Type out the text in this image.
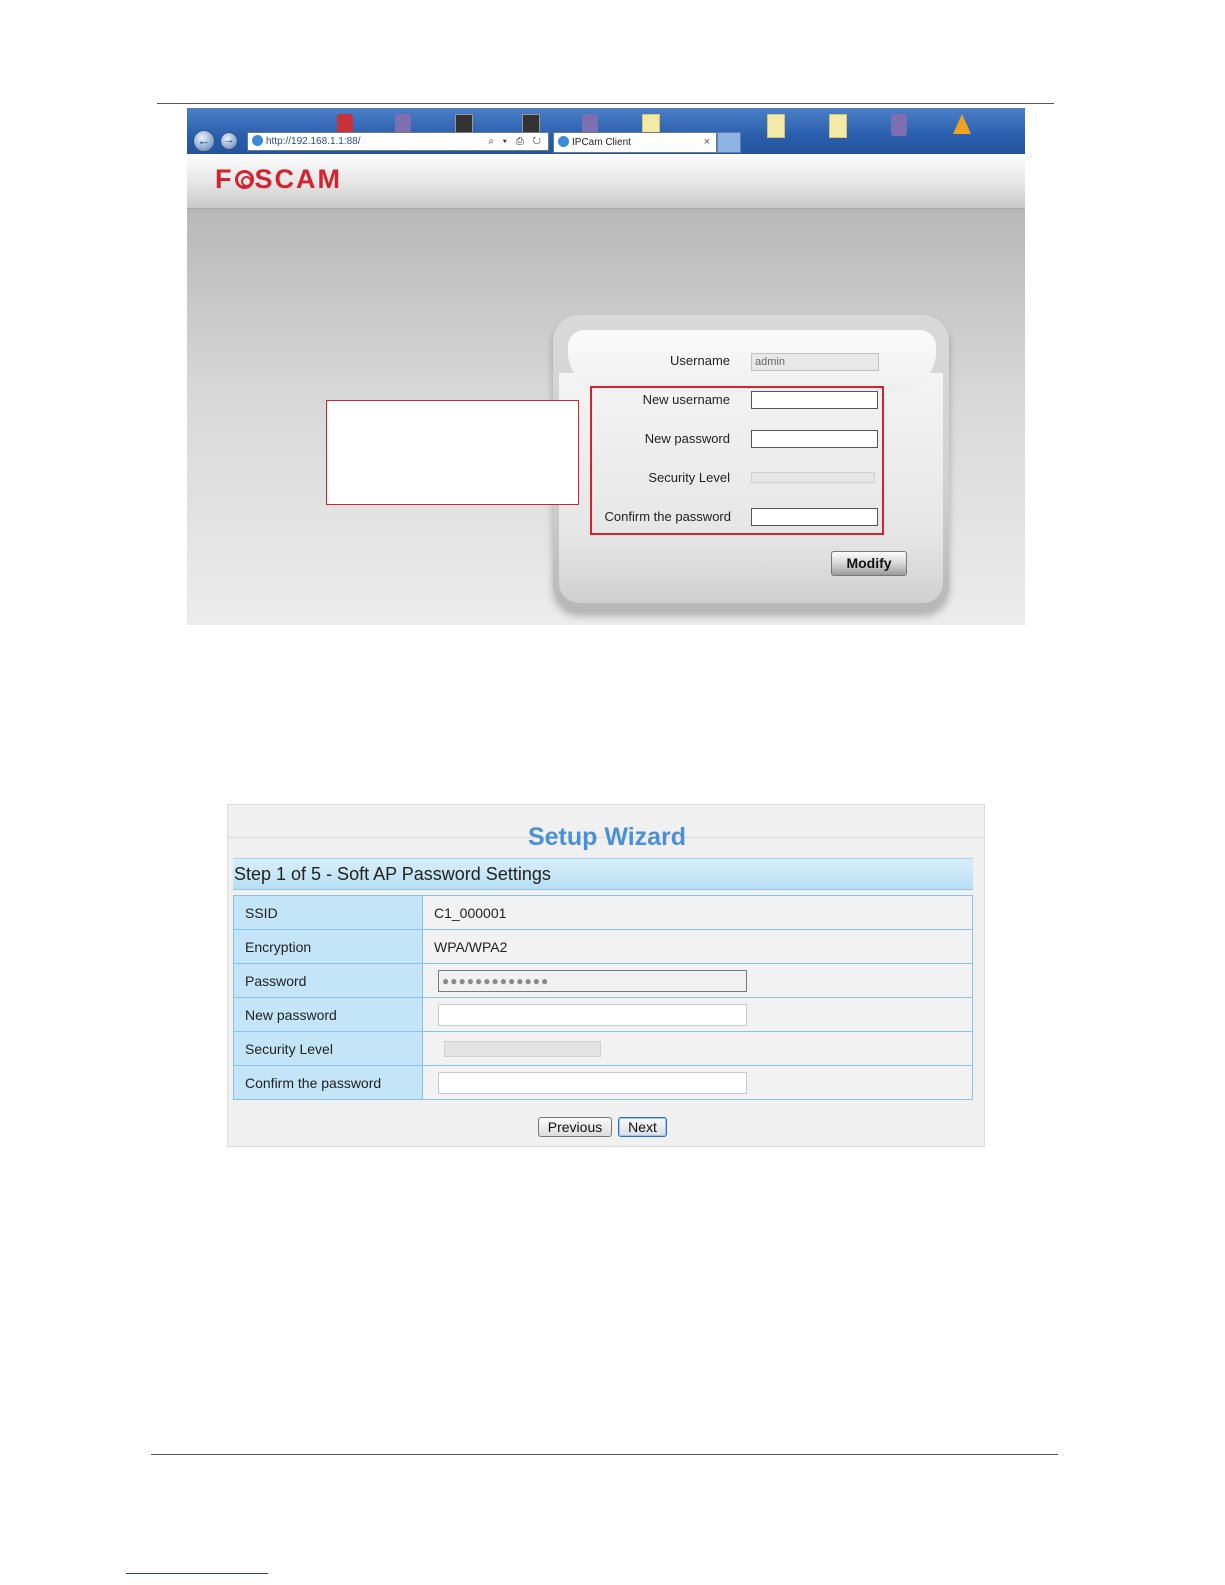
←	→	http://192.168.1.1:88/	⌕ ▾ ⎙ ↻	IPCam Client	×
F SCAM
Username	admin
New username
New password
Security Level
Confirm the password
Modify
Setup Wizard
Step 1 of 5 - Soft AP Password Settings
SSID	C1_000001
Encryption	WPA/WPA2
Password	●●●●●●●●●●●●●

New password	

Security Level	

Confirm the password	
Previous	Next
